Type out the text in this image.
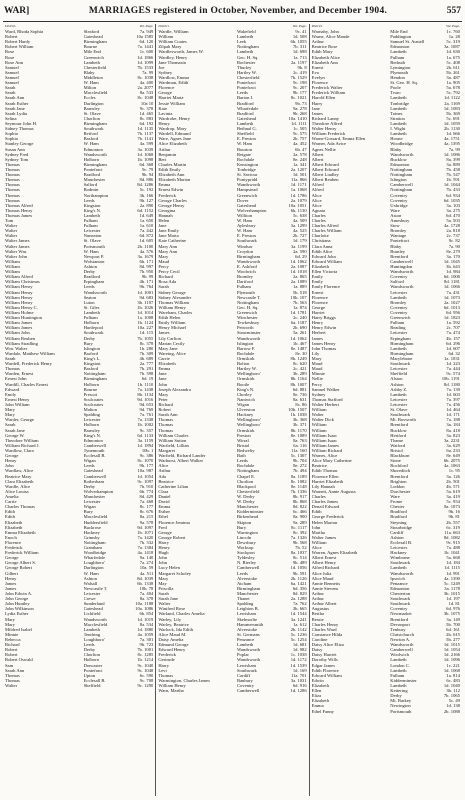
WAR]	MARRIAGES registered in October, November, and December 1904.	557
District.	Vol. Page.
Ward, Rhoda Sophia	Sleaford	7a. 949
Robert	Gateshead	10a 1585
Robert Hardy	Birmingham	6d. 120
Robert William	Bourne	7a. 1441
Rose	Mile End	1c. 600
Rose	Greenwich	1d. 1866
Rose Ann	Lambeth	1d. 1099
Samuel	Chesterfield	7b. 1533
Samuel	Blaby	7a. 99
Samuel	Middleton	8c. 1038
Samuel	W. Ham	4a. 400
Sarah	Milton	2a. 2077
Sarah	Macclesfield	8a. 533
Sarah Ann	Eccles	8c. 1048
Sarah Esther	Darlington	10a 10
Sarah Jane	Barnsley	9c. 378
Sarah Lydia	St. Olave	1d. 465
Selina	Chorlton	8c. 883
Seymour John H.	Birmingham	6d. 192
Sidney Thomas	Southwark	1d. 1135
Sophia	Retford	7b. 1137
Sophia	Basford	7b. 1141
Stanley George	W. Ham	4a. 599
Susan Ann	Edmonton	3a. 1039
Sydney Fred	Wandsworth	1d. 1068
Sydney Tom	Holborn	1b. 1098
Thomas	Birmingham	6d. 368
Thomas	Pontefract	9c. 79
Thomas	Bradford	9b. 94
Thomas	Manchester	8d. 886
Thomas	Salford	8d. 1286
Thomas	Bodmin	5c. 192
Thomas	Northampton	3b. 166
Thomas	Leeds	9b. 127
Thomas Alfred	Kingston	2a. 890
Thomas Henry	King's N.	6d. 1152
Thomas James	Lambeth	1d. 649
Tom	Fulham	1a. 650
Walter	Fulham	1a. 610
Walter	Leicester	7a. 442
Walter	Nuneaton	6d. 872
Walter James	St. Olave	1d. 605
Walter James	Portsmouth	2b. 1100
Walter Wm.	W. Ham	4a. 576
Walter John	Newport P.	3a. 1679
William	Wolstanton	6b. 171
William	Ashton	8d. 997
William	Derby	7b. 950
William Alfred	Bradford	9b. 99
William Christmas	Erpingham	4b. 171
William Henry	Leeds	9b. 764
William Henry	Wandsworth	1d. 1001
William Henry	Seaton	9d. 683
William Henry	Luton	3b. 1107
William Henry C.	St. Giles	1b. 1026
William Holme	Lambeth	1d. 1014
William Huntington	Fulham	1a. 1008
William James	Holborn	1b. 1124
William James	Hartlepool	10a. 227
William John	Southwark	1d. 115
William Reuben	Derby	7b. 1055
William Stradling	Bury	8c. 378
Wm. Walter	Islington	1b. 280
Wardale, Matthew William	Barford	7b. 309
Sarah	King's L.	4b. 689
Wardell, Frederick Henry	Kingston	2a. 777
Thomas	Basford	7b. 291
Warden, Ernest	Nottingham	7b. 398
Ernest John	Birmingham	6d. 19
Wardill, Charles Ernest	Holborn	1b. 1110
Edward	Bourne	7a. 1438
Emily	Prescot	8b. 1134
Ernest Henry	Sculcoates	9d. 1016
John William	Sculcoates	9d. 653
Mary	Malton	9d. 769
Mary	Spalding	7a. 761
Warder, George	Leicester	7a. 1338
Sarah	Holborn	1b. 1002
Sarah Jane	Barnsley	9c. 357
George W.	King's N.	6d. 1133
Theodore William	Edmonton	3a. 1159
William Richard J.	Camberwell	1d. 1894
Wardlow, Clara	Tynemouth	10b. 1
George	Ecclesall B.	9c. 386
Henry	Wigan	8c. 1070
John	Leeds	9b. 177
Wardlaw, Alice	Gateshead	10a. 987
Beatrice Mary	Camberwell	1d. 1054
Clara Elizabeth	Rotherham	9c. 1097
Wardle, Alice	Derby	7b. 910
Alice Louisa	Wolverhampton	6b. 774
Amelia	Manchester	8d. 429
Carrie	Leicester	7a. 468
Charles Thomas	Wigan	8c. 177
Edith	Bury	8c. 676
Edith	Macclesfield	8a. 215
Elizabeth	Huddersfield	9a. 578
Elizabeth	Buckrose	9d. 1097
Emma Elizabeth	Hackney	1b. 1071
Enoch	Grimsby	7a. 1420
Florence	Nottingham	7b. 332
Frederick	Grantham	7a. 1384
Frederick William	Woodbridge	4a. 1418
George	Wharfedale	9a. 140
George Albert S.	Loughboro'	7a. 274
George Robert	Darlington	10a. 59
Gilbert	W. Ham	4a. 511
Henry	Ashton	8d. 1039
James	Walsall	6b. 1338
James	Newcastle T.	10b. 78
John Edwin A.	Leicester	7a. 404
John George	Crewe	8a. 378
John Huntley	Sunderland	10a. 1188
John Wilkinson	Gateshead	10a. 1086
Lydia Esther	Lichfield	6b. 854
Mary	Wandsworth	1d. 1019
Mary	Macclesfield	8a. 534
Mildred Isabel	Lambeth	1d. 1880
Minnie	Tendring	4a. 1059
Rebecca	Loughboro'	7a. 301
Richard	Leeds	9b. 723
Robert	Derby	7b. 1001
Robert	Chorlton	8c. 1285
Robert Oswald	Holborn	1b. 1214
Sam	Doncaster	9c. 1040
Sarah Ann	Pontefract	9c. 1048
Thomas	Upton	6c. 590
Thomas	Ecclesall B.	9c. 708
Walter	Sheffield	9c. 1290
District.	Vol. Page.
Wardle, William	Wakefield	9c. 41
William	Lambeth	1d. 508
William Coates	Leek	6b. 1055
Zilpah Mary	Nottingham	7b. 311
Wardlesworth, James W.	Lambeth	1d. 698
Wardley, Henry	Geo. H. Sq.	1a. 713
Jane Thomasin	Rochester	2a. 1197
Joe	Thurley	9b. 8
Sydney	Hartley W.	2c. 419
Wardlow, Emma	Chesterfield	7b. 1529
Wardman, Edith	Pontefract	9c. 198
Florence	Pontefract	9c. 207
George	Leeds	9b. 177
Harriet Maria	Barton I.	8c. 1021
Jessie William	Bradford	9b. 73
Kate	Wharfedale	9a. 278
Lavinia	Bradford	9b. 268
Wardrobe, Henry	Gateshead	10a. 1410
Henry	Lambeth	1d. 1111
Wardrop, Mary	Bethnal G.	1c. 505
Wardell, Edmund	Sheffield	9c. 575
Ware, Agnes Jane	E. Preston	2b. 757
Alice Elizabeth	W. Ham	4a. 452
Arthur	Bourton	6b. 47
Benjamin	Reigate	2a. 578
Bert	Rochdale	8e. 248
Charles Martin	Kensington	1a. 341
Edith Emily	Tonbridge	2a. 1207
Elizabeth Ann	St. Saviour	1d. 501
Elizabeth Marion	Pontypridd	11a. 866
Emma	Wandsworth	1d. 1171
Ernest Edwin	Hampstead	1a. 1068
Frederick	Greenwich	1d. 1786
George Charles	Dover	2a. 1079
George Henry	Gateshead	10a. 1051
Georgina	Wolverhampton	6b. 1130
Hannah	Williton	5c. 638
Helen	W. Ham	4a. 509
Jane	Aylesbury	3a. 1299
Jane Emily	W. Ham	4a. 525
Jane Maria	E. Preston	2b. 727
Kate Catherine	Southwark	1d. 179
Mary Ann	Windsor	3a. 1199
Mary Ann	Croydon	2a. 590
Mary	Birmingham	6d. 29
Maud	Wandsworth	1d. 1062
Percy	E. Ashford	2a. 1087
Percy Cecil	Woolwich	1d. 1018
Richard	Bromley	2a. 865
Rosa Ada	Dartford	2a. 1089
Sarah	Fulham	1a. 889
Sidney George	Plymouth	5b. 518
Sidney Alexander	Newcastle T.	10b. 107
Thomas William	Nottingham	7b. 563
William Henry	Geo. H. Sq.	1a. 874
Wareham, Charles	Greenwich	1d. 1781
Edith Helen	Winchester	2c. 240
Emily William	Tewkesbury	6a. 1187
Henry Michael	Petworth	2b. 690
James	Stourminster	5a. 261
Lily Carlton	Wandsworth	1d. 1062
Marian Cecily	Islington	1b. 467
Mary Jane	Barrow F.	8e. 1487
Wareing, Alice	Rochdale	8e. 30
Carrie	Ormskirk	8b. 1249
Elizabeth	Bolton	8c. 620
Emma	Hartley W.	2c. 421
Jane	Wellingboro'	3b. 289
Jane	Ormskirk	8b. 1164
John	Bootle	8b. 1007
Joseph Alexandra	King's N.	6d. 881
Mary	Chorley	8e. 736
Peter	Nantwich	8a. 631
Richard	Wigan	8c. 86
Robert	Ulverston	10b. 1507
Sarah Ann	Hackney	1b. 1038
Thomas	Wellingboro'	3b. 368
Thomas	Wellingboro'	3b. 371
Thomas	Ormskirk	8b. 1170
William Charles	Preston	8e. 1089
William Sutton	Wirral	8a. 763
Warfield, Lillian	Bristol	6a. 116
Margaret	Bedwelty	11a. 160
Warfield, Richard Lander	Bath	5c. 1307
Warhurst, Albert Walker	Leeds	9b. 704
Alice	Rochdale	8e. 272
Arthur	Nottingham	7b. 494
Ada	Chapel E.	8a. 1189
Beatrice	Chorlton	8c. 1082
Catherine Lilian	Blackpool	8e. 1148
Clara	Chesterfield	7b. 1336
Daniel	W. Derby	8b. 917
David	W. Derby	8b. 868
Emma	Manchester	8d. 822
Esther	Kidderminster	6c. 466
Ethel	Birkenhead	8a. 900
Florence Jemima	Skipton	9a. 289
Fred	Bury	8c. 1117
George	Warrington	8c. 392
George Robert	Lincoln	7a. 1326
Harry	Dewsbury	9b. 568
Henry	Worksop	7b. 52
Hugh	Stockport	8a. 1037
John	Tyldesley	8c. 514
John	N. Bierley	9b. 489
Lucy Helen	Camberwell	1d. 1056
Margaret Scholey	Leeds	9b. 591
Mary	Alverstoke	2b. 1126
May	Atcham	6a. 1421
Priscilla	Birmingham	6d. 356
Sarah	Manchester	8d. 829
Sarah Jane	Thanet	2a. 1288
Walter	Spalding	7a. 762
Winifred Rose	Leighton B.	3b. 665
Warland, Charles Amelia	Lewisham	1d. 1544
Warley, Lily	Skelmorlie	3a. 1241
Warley, Beatrice	Hammersmith	1a. 612
Warlock, Ida Edith	Alverstoke	2b. 1142
Alice Maud M.	St. Germans	5c. 1236
Daisy Amelia	Penzance	5c. 1254
Edmund George	Lambeth	1d. 681
Edward Henry	Wandsworth	1d. 982
Frederick	Poplar	1c. 1038
Gertrude	Wandsworth	1d. 1172
Harry	Lewisham	1d. 1539
Levi	Southwark	1d. 169
Thomas	Cardiff	11a. 701
Warmington, Charles James	Banbury	3a. 1031
William Henry	Coventry	6d. 916
Warn, Martha	Camberwell	1d. 1286
District.	Vol. Page.
Warnaby, John	Mile End	1c. 760
Warne, Alice Maude	Paddington	1a. 28
Arthur	Samuel St. Austell	5c. 319
Beatrice Rose	Edmonton	3a. 1087
Edith Mary	Lambeth	1d. 630
Elizabeth Alice	Fulham	1a. 675
Elizabeth Ann	Redruth	5c. 408
Ernest	Lymington	2b. 611
Eva	Plymouth	5b. 261
Evelyn	Hendon	3a. 487
Florence	St. Geo. H. Sq.	1a. 905
Frederick Walter	Poole	5a. 678
Frederick William	Truro	5c. 792
Harold Ellen	Lambeth	1d. 1122
Harry	Tonbridge	2a. 1169
Jane	Lambeth	1d. 1083
James	Totnes	5b. 369
Richard Lanny	Stratton	5c. 691
Theodore Alfred	Lambeth	1d. 1059
Walter Henry	I. Wight	2b. 1130
William Frederick	Lambeth	1d. 666
Warne-Gossard, Emma Ellen	Hoxne	4a. 1751
Warner, Ada Avice	Woodbridge	4a. 1395
Agnes Nellie	Blaby	7a. 99
Albert	Wandsworth	1d. 1086
Albert	Bucklow	8a. 399
Albert Edward	Edmonton	3a. 889
Albert Edward	Nottingham	7b. 458
Albert Lindley	Nottingham	7b. 547
Albert Reuben	Islington	1b. 591
Alfred	Camberwell	1d. 1044
Alfred	Nottingham	7b. 433
Alice	Coventry	6d. 934
Alice	Coventry	6d. 1035
Alice	Uxbridge	3a. 103
Agnata	Ware	3a. 275
Charles	Aston	6d. 470
Charles	Amesbury	5a. 503
Charles Alfred	Stow	4a. 1728
Charles William	Bromley	2a. 818
Charlotte	Wantage	2c. 737
Christiana	Pontefract	9c. 82
Clara Anna	Blaby	7a. 90
Edith Alice	Burnley	8e. 279
Edward John	Brentford	3a. 170
Edward William	Camberwell	1d. 1045
Elizabeth	Huntingdon	3b. 643
Ellen Victoria	Wandsworth	1d. 984
Emily	Coventry	6d. 1006
Emily	Salford	8d. 1181
Emily Florence	Wandsworth	1d. 1066
Ernest	Leicester	7a. 431
Florence	Lambeth	1d. 1073
Florence	Bromley	2a. 1027
George	Coventry	6d. 1013
Harriet	Coventry	6d. 956
Harry Briggs	Greenwich	1d. 1823
Henry	Fulham	1a. 592
Henry Edwin	Reading	2c. 707
Herbert	Leicester	7a. 474
James	Erpingham	4b. 157
James Henry	Birmingham	6d. 296
John Thomas	Lambeth	1d. 607
Lily	Birmingham	6d. 32
Mary	Marylebone	1a. 1031
Maud	Southwark	1d. 223
Maud	Leicester	7a. 444
Minnie	Sheffield	9c. 574
Nellie	Alston	10b. 1191
Percy	Ashton	8d. 1180
Samuel Walker	Ashby Z.	7a. 139
Sydney	Lambeth	1d. 603
Thomas Stafford	Leicester	7a. 397
Walter Herbert	Leicester	7a. 456
William	St. Olave	1d. 464
Walter	Southwark	1d. 171
Walter Dick	Mt. Bosworth	7a. 188
William	Brentford	3a. 184
William	Bucklow	8a. 418
William Isaac	Hertford	3a. 823
William Isaac	Thame	3a. 2231
William James	Watford	3a. 629
William Richard	Bristol	6a. 233
Warnes, Alice	Blackburn	8e. 649
Alice Mary Catherine	Stone	6b. 2075
Beatrice	Rochford	4a. 1063
Edith Thomas	Shoreditch	1c. 95
Florence Ellen	Brentford	3a. 126
Harriet Elizabeth	Brighton	2b. 501
Lily Hannah	Loddon	4b. 571
Warnett, Annie Augusta	Dorchester	5a. 619
Charles	Ware	3a. 419
Charles James	Frome	5c. 954
Denzil Edward	Chester	8a. 1073
Edith	Bradford	9b. 16
George Frederick	Bradford	9b. 81
Helen Marion	Steyning	2b. 557
John	Stourbridge	6c. 319
Martha	Cardiff	11a. 663
Walter James	Ashton	8d. 1082
William	Ecclesall B.	9c. 915
Alice	Leicester	7a. 488
Warren, Agnes Elizabeth	Hackney	1b. 1041
Albert Ernest	Wimborne	5a. 668
Albert Henry	Southwark	1d. 184
Alfred Richard	Lambeth	1d. 1115
Alice Julia	Wandsworth	1d. 991
Alice Maud	Ipswich	4a. 1390
Annie Bennetts	Penzance	5c. 1249
Annie Stevens	Edmonton	3a. 1178
Arthur	Chesterton	3b. 1015
Arthur	Southwark	1d. 197
Arthur Albert	Southwark	1d. 81
Augustus	Coventry	6d. 976
Bertha	Newmarket	3b. 1075
Bessie	Brentford	3a. 149
Charles Henry	Devonport	5b. 700
Charles Ward	Tenbury	6d. 161
Constance Hilda	Christchurch	2b. 615
Caroline	Newton A.	5b. 277
Daisy Alice Eliza	Wandsworth	1d. 1015
Daisy	Camberwell	1d. 1054
Daisy Harriet	Woolwich	1d. 2166
Dorothy Wills	Lambeth	1d. 1096
Edgar James	London C.	1c. 221
Edith Florence	Lambeth	1d. 1068
Edward William	Fulham	1a. 814
Edwin	Kidderminster	6c. 483
Elizabeth	Lambeth	1d. 1040
Ellen	Kettering	3b. 112
Eliza	Derby	7b. 1065
Elizabeth	Mt. Barkey	5c. 49
Emma	Newington	1d. 138
Ethel Fanny	Portsmouth	2b. 1088
